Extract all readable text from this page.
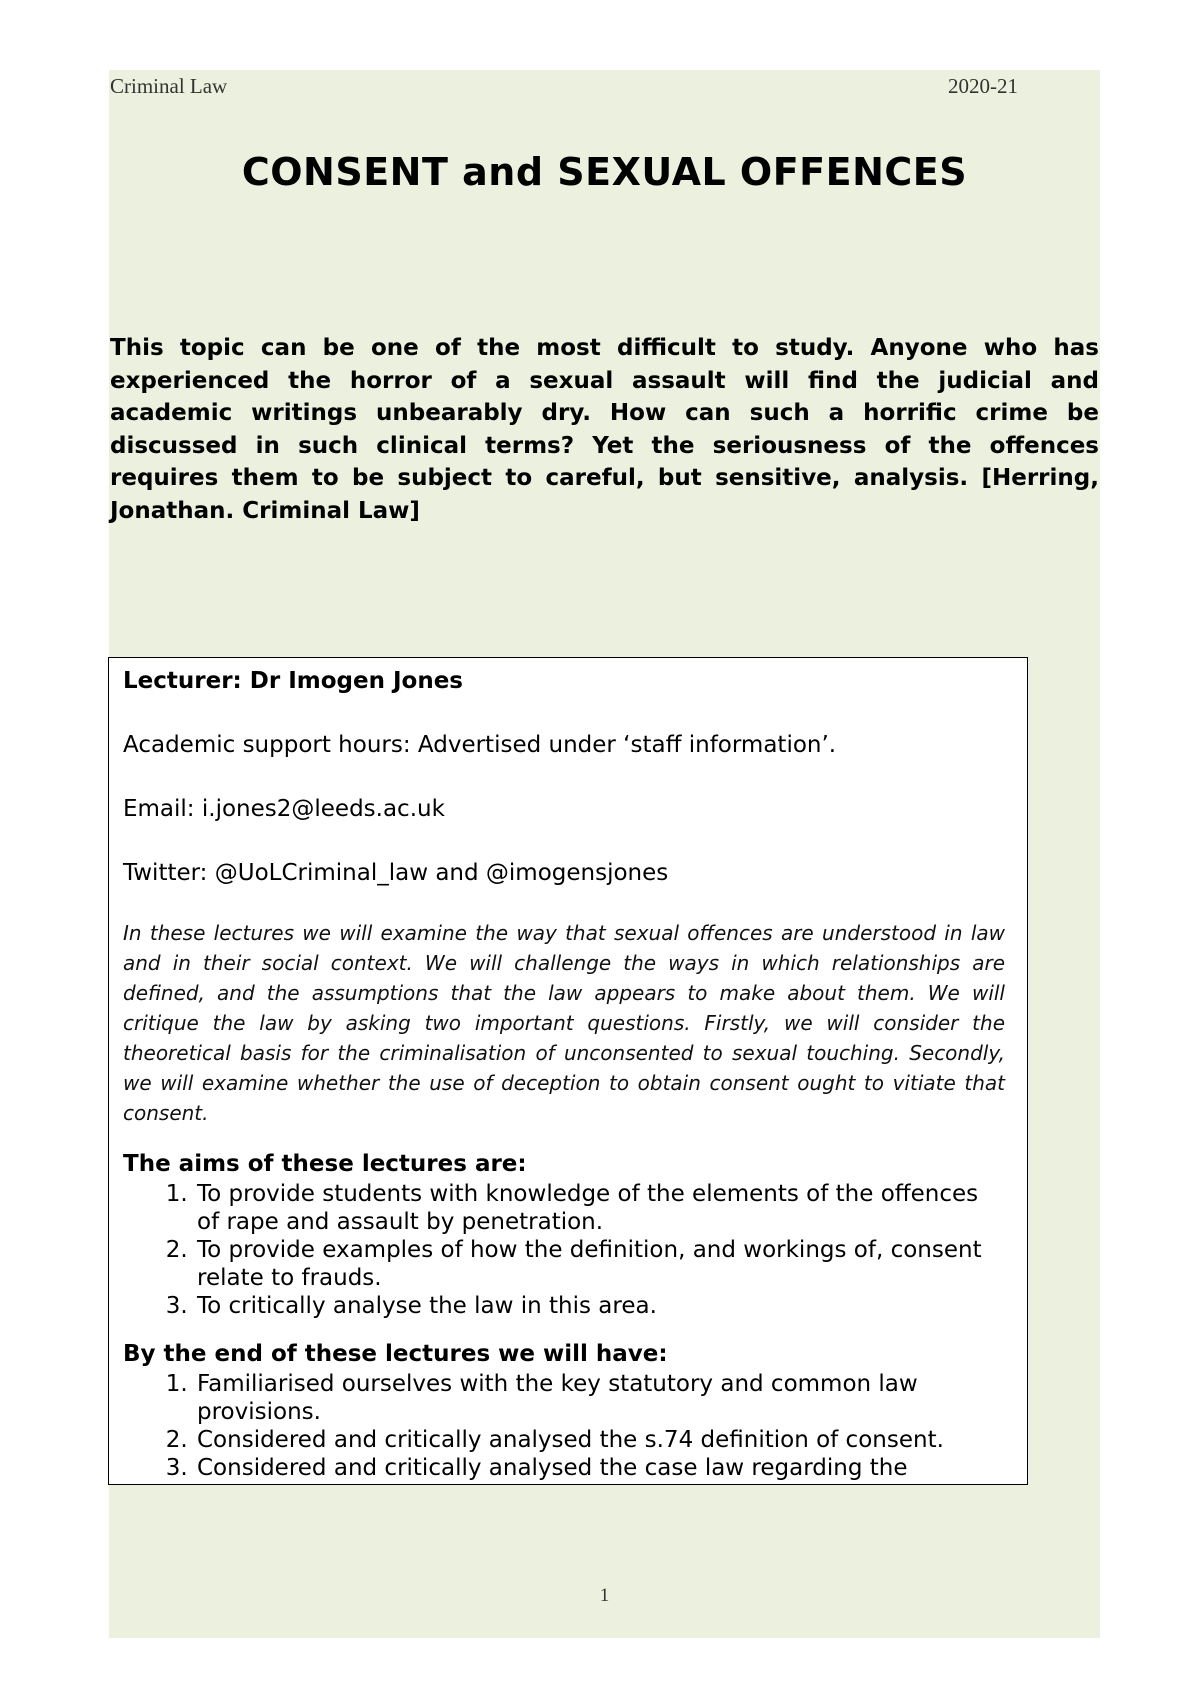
Criminal Law	2020-21
CONSENT and SEXUAL OFFENCES

This topic can be one of the most difficult to study. Anyone who has experienced the horror of a sexual assault will find the judicial and academic writings unbearably dry. How can such a horrific crime be discussed in such clinical terms? Yet the seriousness of the offences requires them to be subject to careful, but sensitive, analysis. [Herring, Jonathan. Criminal Law]

Lecturer: Dr Imogen Jones

Academic support hours: Advertised under ‘staff information’.

Email: i.jones2@leeds.ac.uk

Twitter: @UoLCriminal_law and @imogensjones

In these lectures we will examine the way that sexual offences are understood in law and in their social context. We will challenge the ways in which relationships are defined, and the assumptions that the law appears to make about them. We will critique the law by asking two important questions. Firstly, we will consider the theoretical basis for the criminalisation of unconsented to sexual touching. Secondly, we will examine whether the use of deception to obtain consent ought to vitiate that consent.

The aims of these lectures are:

1. To provide students with knowledge of the elements of the offences of rape and assault by penetration.
2. To provide examples of how the definition, and workings of, consent relate to frauds.
3. To critically analyse the law in this area.

By the end of these lectures we will have:

1. Familiarised ourselves with the key statutory and common law provisions.
2. Considered and critically analysed the s.74 definition of consent.
3. Considered and critically analysed the case law regarding the
1
